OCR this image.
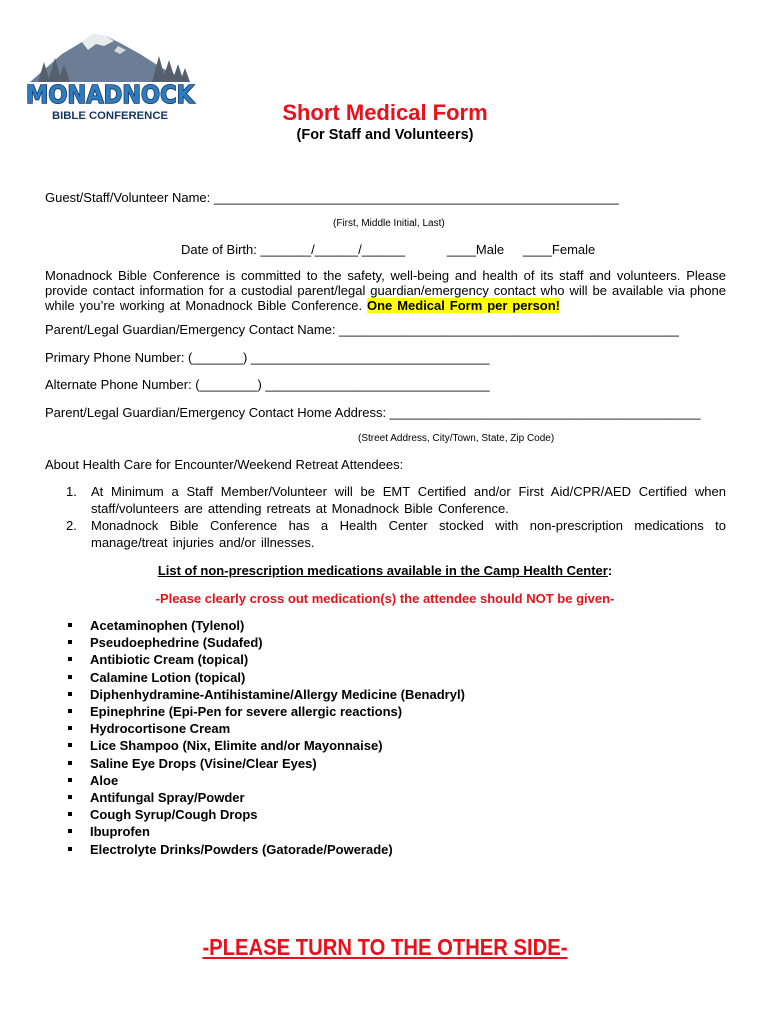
MONADNOCK
BIBLE CONFERENCE	Short Medical Form
(For Staff and Volunteers)
Guest/Staff/Volunteer Name: ________________________________________________________
(First, Middle Initial, Last)
Date of Birth: _______/______/______	____Male ____Female
Monadnock Bible Conference is committed to the safety, well-being and health of its staff and volunteers. Please provide contact information for a custodial parent/legal guardian/emergency contact who will be available via phone while you’re working at Monadnock Bible Conference. One Medical Form per person!
Parent/Legal Guardian/Emergency Contact Name: _______________________________________________
Primary Phone Number: (_______) _________________________________
Alternate Phone Number: (________) _______________________________
Parent/Legal Guardian/Emergency Contact Home Address: ___________________________________________
(Street Address, City/Town, State, Zip Code)
About Health Care for Encounter/Weekend Retreat Attendees:
1. At Minimum a Staff Member/Volunteer will be EMT Certified and/or First Aid/CPR/AED Certified when staff/volunteers are attending retreats at Monadnock Bible Conference.
2. Monadnock Bible Conference has a Health Center stocked with non-prescription medications to manage/treat injuries and/or illnesses.
List of non-prescription medications available in the Camp Health Center:
-Please clearly cross out medication(s) the attendee should NOT be given-
Acetaminophen (Tylenol)
Pseudoephedrine (Sudafed)
Antibiotic Cream (topical)
Calamine Lotion (topical)
Diphenhydramine-Antihistamine/Allergy Medicine (Benadryl)
Epinephrine (Epi-Pen for severe allergic reactions)
Hydrocortisone Cream
Lice Shampoo (Nix, Elimite and/or Mayonnaise)
Saline Eye Drops (Visine/Clear Eyes)
Aloe
Antifungal Spray/Powder
Cough Syrup/Cough Drops
Ibuprofen
Electrolyte Drinks/Powders (Gatorade/Powerade)
-PLEASE TURN TO THE OTHER SIDE-
